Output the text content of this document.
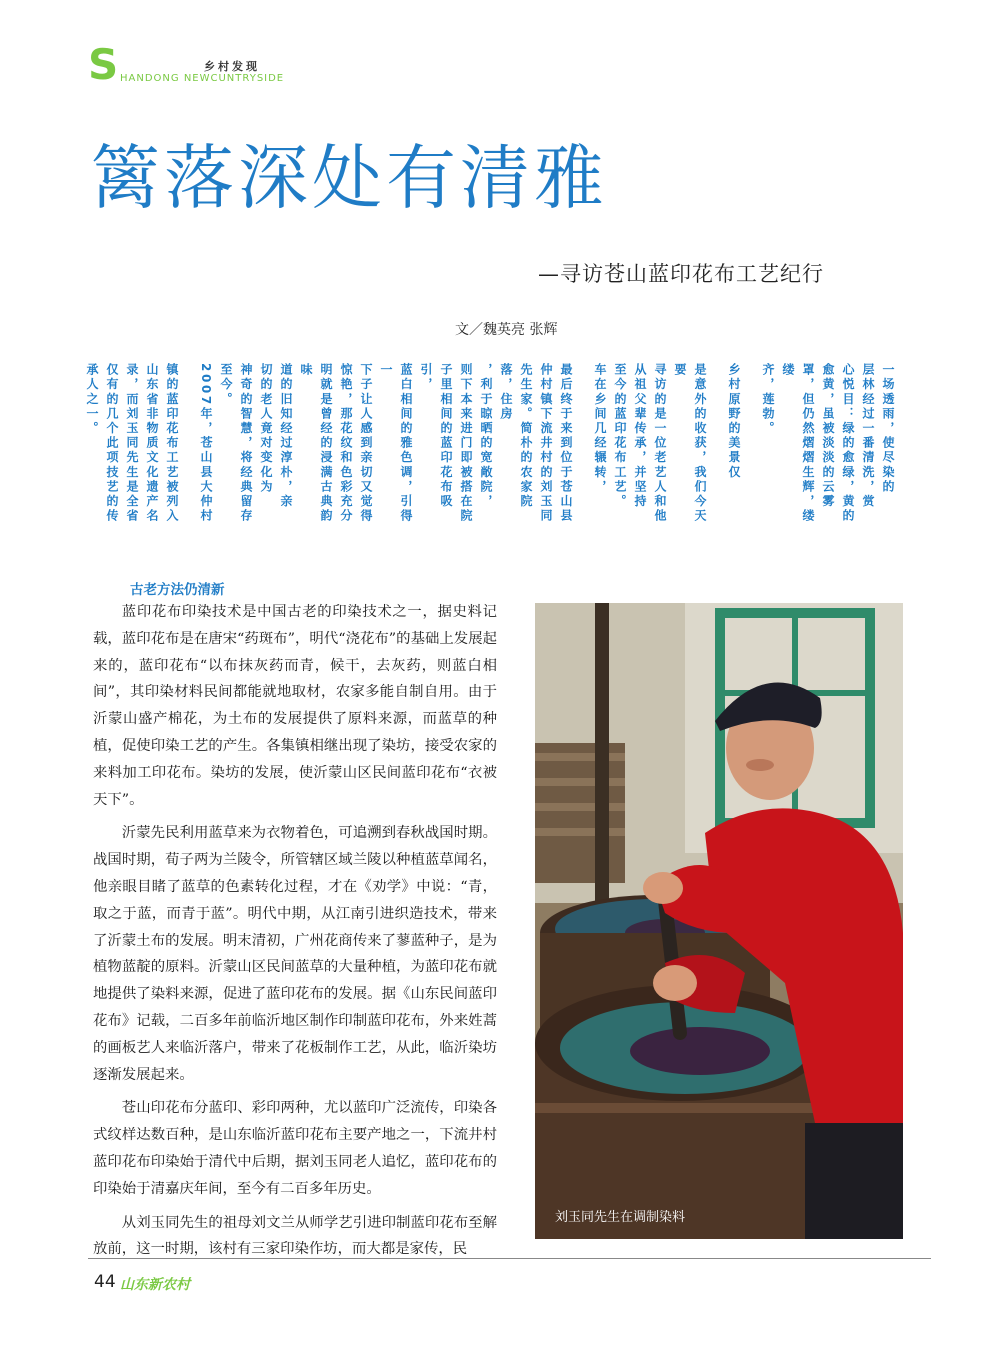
S	乡村发现
HANDONG NEWCUNTRYSIDE
篱落深处有清雅
—寻访苍山蓝印花布工艺纪行
文／魏英亮 张辉
一场透雨，使尽染的
层林经过一番清洗，赏
心悦目：绿的愈绿，黄的
愈黄，虽被淡淡的云雾
罩，但仍然熠熠生辉，缕
缕
齐，莲勃。
乡村原野的美景仅
是意外的收获，我们今天要
寻访的是一位老艺人和他
从祖父辈传承，并坚持
至今的蓝印花布工艺。
车在乡间几经辗转，
最后终于来到位于苍山县
仲村镇下流井村的刘玉同
先生家。简朴的农家院落，住房
，利于晾晒的宽敞院，
则下本来进门即被搭在院
子里相间的蓝印花布吸引，
蓝白相间的雅色调，引得一
下子让人感到亲切又觉得
惊艳，那花纹和色彩充分
明就是曾经的浸满古典韵味
道的旧知经过淳朴，亲
切的老人竟对变化为
神奇的智慧，将经典留存
至今。
2007年，苍山县大仲村
镇的蓝印花布工艺被列入
山东省非物质文化遗产名
录，而刘玉同先生是全省
仅有的几个此项技艺的传
承人之一。
古老方法仍清新

蓝印花布印染技术是中国古老的印染技术之一，据史料记载，蓝印花布是在唐宋“药斑布”，明代“浇花布”的基础上发展起来的，蓝印花布“以布抹灰药而青，候干，去灰药，则蓝白相间”，其印染材料民间都能就地取材，农家多能自制自用。由于沂蒙山盛产棉花，为土布的发展提供了原料来源，而蓝草的种植，促使印染工艺的产生。各集镇相继出现了染坊，接受农家的来料加工印花布。染坊的发展，使沂蒙山区民间蓝印花布“衣被天下”。

沂蒙先民利用蓝草来为衣物着色，可追溯到春秋战国时期。战国时期，荀子两为兰陵令，所管辖区域兰陵以种植蓝草闻名，他亲眼目睹了蓝草的色素转化过程，才在《劝学》中说：“青，取之于蓝，而青于蓝”。明代中期，从江南引进织造技术，带来了沂蒙土布的发展。明末清初，广州花商传来了蓼蓝种子，是为植物蓝靛的原料。沂蒙山区民间蓝草的大量种植，为蓝印花布就地提供了染料来源，促进了蓝印花布的发展。据《山东民间蓝印花布》记载，二百多年前临沂地区制作印制蓝印花布，外来姓蒿的画板艺人来临沂落户，带来了花板制作工艺，从此，临沂染坊逐渐发展起来。

苍山印花布分蓝印、彩印两种，尤以蓝印广泛流传，印染各式纹样达数百种，是山东临沂蓝印花布主要产地之一，下流井村蓝印花布印染始于清代中后期，据刘玉同老人追忆，蓝印花布的印染始于清嘉庆年间，至今有二百多年历史。

从刘玉同先生的祖母刘文兰从师学艺引进印制蓝印花布至解放前，这一时期，该村有三家印染作坊，而大都是家传，民

刘玉同先生在调制染料
44 山东新农村
